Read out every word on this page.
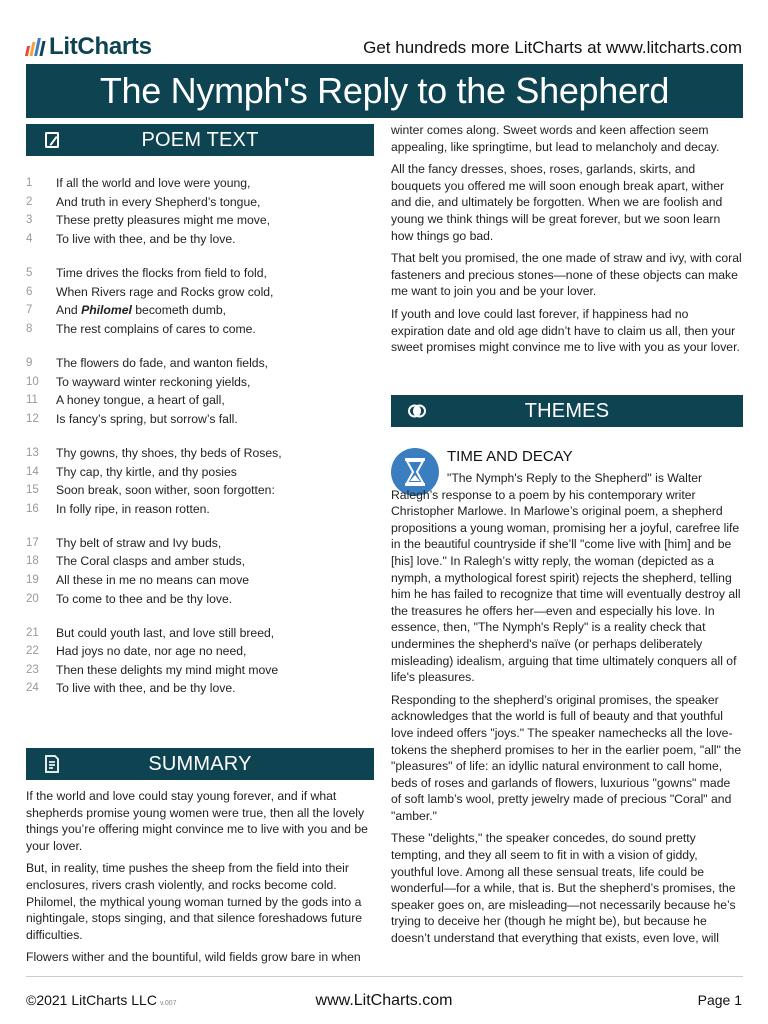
LitCharts	Get hundreds more LitCharts at www.litcharts.com
The Nymph's Reply to the Shepherd
POEM TEXT
1	If all the world and love were young,
2	And truth in every Shepherd’s tongue,
3	These pretty pleasures might me move,
4	To live with thee, and be thy love.
5	Time drives the flocks from field to fold,
6	When Rivers rage and Rocks grow cold,
7	And Philomel becometh dumb,
8	The rest complains of cares to come.
9	The flowers do fade, and wanton fields,
10	To wayward winter reckoning yields,
11	A honey tongue, a heart of gall,
12	Is fancy’s spring, but sorrow’s fall.
13	Thy gowns, thy shoes, thy beds of Roses,
14	Thy cap, thy kirtle, and thy posies
15	Soon break, soon wither, soon forgotten:
16	In folly ripe, in reason rotten.
17	Thy belt of straw and Ivy buds,
18	The Coral clasps and amber studs,
19	All these in me no means can move
20	To come to thee and be thy love.
21	But could youth last, and love still breed,
22	Had joys no date, nor age no need,
23	Then these delights my mind might move
24	To live with thee, and be thy love.
SUMMARY

If the world and love could stay young forever, and if what shepherds promise young women were true, then all the lovely things you’re offering might convince me to live with you and be your lover.

But, in reality, time pushes the sheep from the field into their enclosures, rivers crash violently, and rocks become cold. Philomel, the mythical young woman turned by the gods into a nightingale, stops singing, and that silence foreshadows future difficulties.

Flowers wither and the bountiful, wild fields grow bare in when

winter comes along. Sweet words and keen affection seem appealing, like springtime, but lead to melancholy and decay.

All the fancy dresses, shoes, roses, garlands, skirts, and bouquets you offered me will soon enough break apart, wither and die, and ultimately be forgotten. When we are foolish and young we think things will be great forever, but we soon learn how things go bad.

That belt you promised, the one made of straw and ivy, with coral fasteners and precious stones—none of these objects can make me want to join you and be your lover.

If youth and love could last forever, if happiness had no expiration date and old age didn’t have to claim us all, then your sweet promises might convince me to live with you as your lover.

THEMES
TIME AND DECAY

"The Nymph's Reply to the Shepherd" is Walter Ralegh’s response to a poem by his contemporary writer Christopher Marlowe. In Marlowe’s original poem, a shepherd propositions a young woman, promising her a joyful, carefree life in the beautiful countryside if she’ll "come live with [him] and be [his] love." In Ralegh’s witty reply, the woman (depicted as a nymph, a mythological forest spirit) rejects the shepherd, telling him he has failed to recognize that time will eventually destroy all the treasures he offers her—even and especially his love. In essence, then, "The Nymph's Reply" is a reality check that undermines the shepherd's naïve (or perhaps deliberately misleading) idealism, arguing that time ultimately conquers all of life's pleasures.

Responding to the shepherd’s original promises, the speaker acknowledges that the world is full of beauty and that youthful love indeed offers "joys." The speaker namechecks all the love-tokens the shepherd promises to her in the earlier poem, "all" the "pleasures" of life: an idyllic natural environment to call home, beds of roses and garlands of flowers, luxurious "gowns" made of soft lamb’s wool, pretty jewelry made of precious "Coral" and "amber."

These "delights," the speaker concedes, do sound pretty tempting, and they all seem to fit in with a vision of giddy, youthful love. Among all these sensual treats, life could be wonderful—for a while, that is. But the shepherd’s promises, the speaker goes on, are misleading—not necessarily because he’s trying to deceive her (though he might be), but because he doesn’t understand that everything that exists, even love, will

©2021 LitCharts LLC v.007	www.LitCharts.com	Page 1
